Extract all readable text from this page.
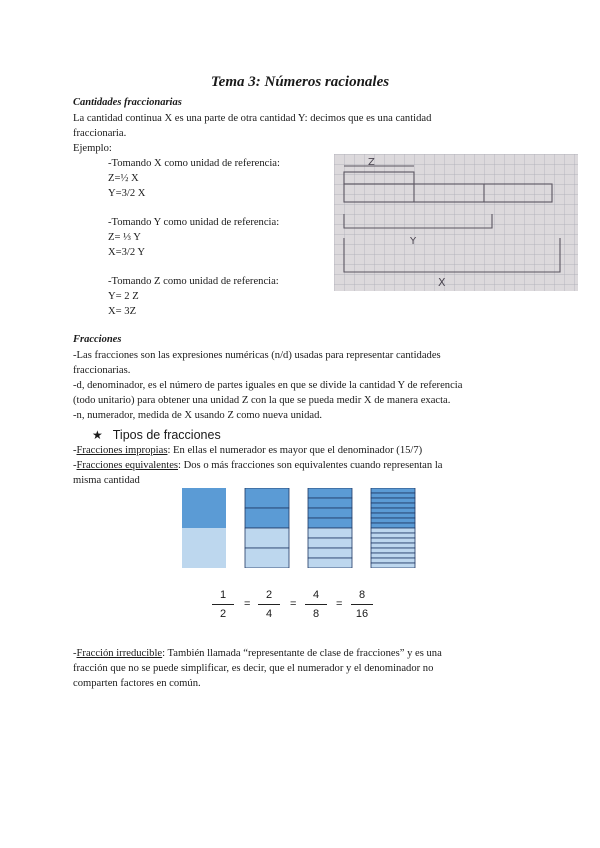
Tema 3: Números racionales
Cantidades fraccionarias
La cantidad continua X es una parte de otra cantidad Y: decimos que es una cantidad
fraccionaria.
Ejemplo:
-Tomando X como unidad de referencia:
Z=½ X
Y=3/2 X
-Tomando Y como unidad de referencia:
Z= ⅓ Y
X=3/2 Y
-Tomando Z como unidad de referencia:
Y= 2 Z
X= 3Z
Z
Y
X
Fracciones
-Las fracciones son las expresiones numéricas (n/d) usadas para representar cantidades
fraccionarias.
-d, denominador, es el número de partes iguales en que se divide la cantidad Y de referencia
(todo unitario) para obtener una unidad Z con la que se pueda medir X de manera exacta.
-n, numerador, medida de X usando Z como nueva unidad.
★ Tipos de fracciones
-Fracciones impropias: En ellas el numerador es mayor que el denominador (15/7)
-Fracciones equivalentes: Dos o más fracciones son equivalentes cuando representan la
misma cantidad
1
2
=
2
4
=
4
8
=
8
16
-Fracción irreducible: También llamada “representante de clase de fracciones” y es una
fracción que no se puede simplificar, es decir, que el numerador y el denominador no
comparten factores en común.
